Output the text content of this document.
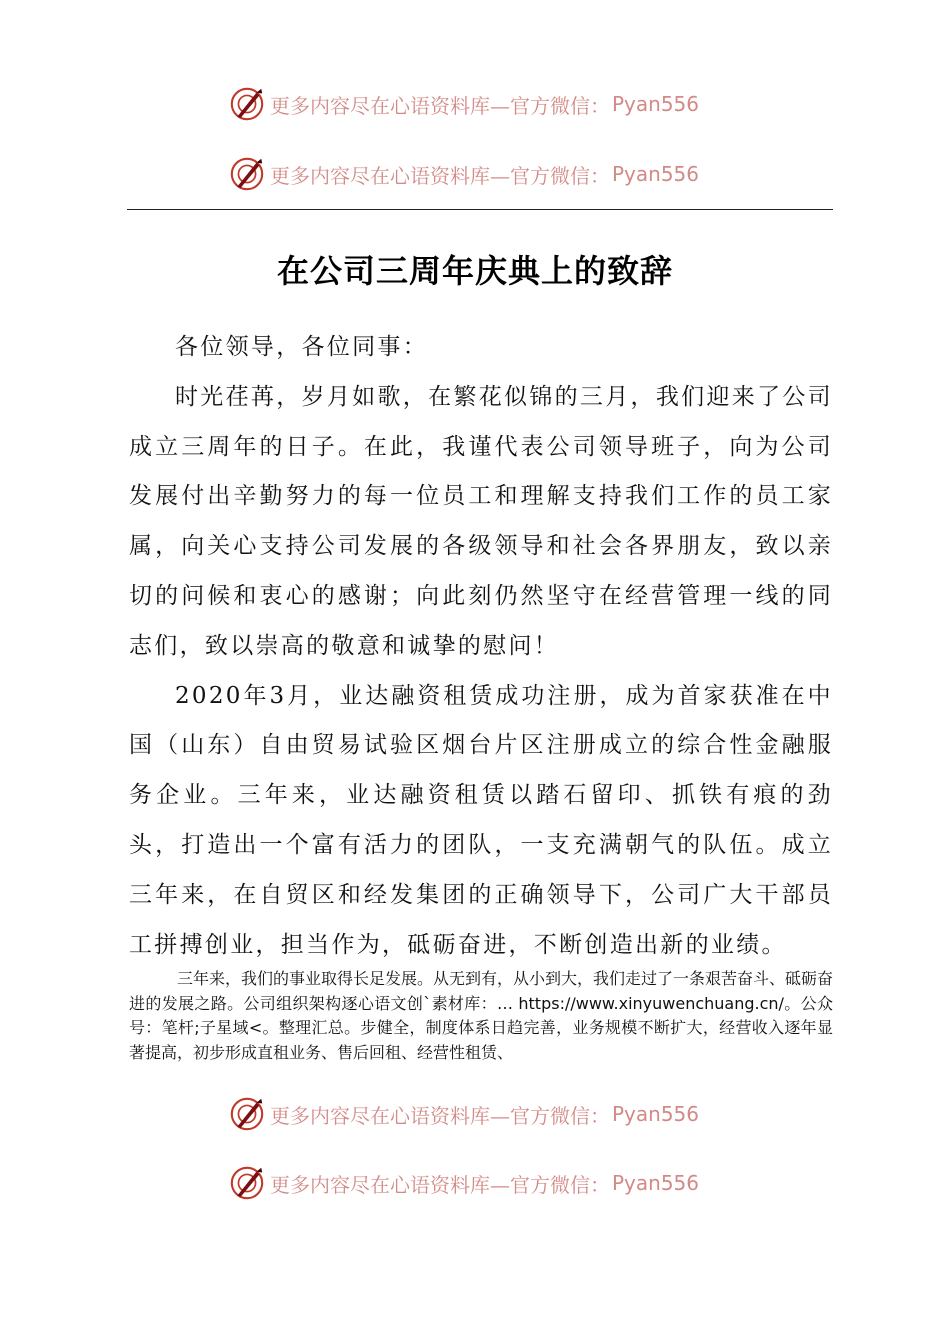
更多内容尽在心语资料库—官方微信： Pyan556
更多内容尽在心语资料库—官方微信： Pyan556
在公司三周年庆典上的致辞

各位领导，各位同事：

时光荏苒，岁月如歌，在繁花似锦的三月，我们迎来了公司成立三周年的日子。在此，我谨代表公司领导班子，向为公司发展付出辛勤努力的每一位员工和理解支持我们工作的员工家属，向关心支持公司发展的各级领导和社会各界朋友，致以亲切的问候和衷心的感谢；向此刻仍然坚守在经营管理一线的同志们，致以崇高的敬意和诚挚的慰问！

2020年3月，业达融资租赁成功注册，成为首家获准在中国（山东）自由贸易试验区烟台片区注册成立的综合性金融服务企业。三年来，业达融资租赁以踏石留印、抓铁有痕的劲头，打造出一个富有活力的团队，一支充满朝气的队伍。成立三年来，在自贸区和经发集团的正确领导下，公司广大干部员工拼搏创业，担当作为，砥砺奋进，不断创造出新的业绩。

三年来，我们的事业取得长足发展。从无到有，从小到大，我们走过了一条艰苦奋斗、砥砺奋进的发展之路。公司组织架构逐心语文创`素材库：… https://www.xinyuwenchuang.cn/。公众号：笔杆;子星域<。整理汇总。步健全，制度体系日趋完善，业务规模不断扩大，经营收入逐年显著提高，初步形成直租业务、售后回租、经营性租赁、

更多内容尽在心语资料库—官方微信： Pyan556
更多内容尽在心语资料库—官方微信： Pyan556
